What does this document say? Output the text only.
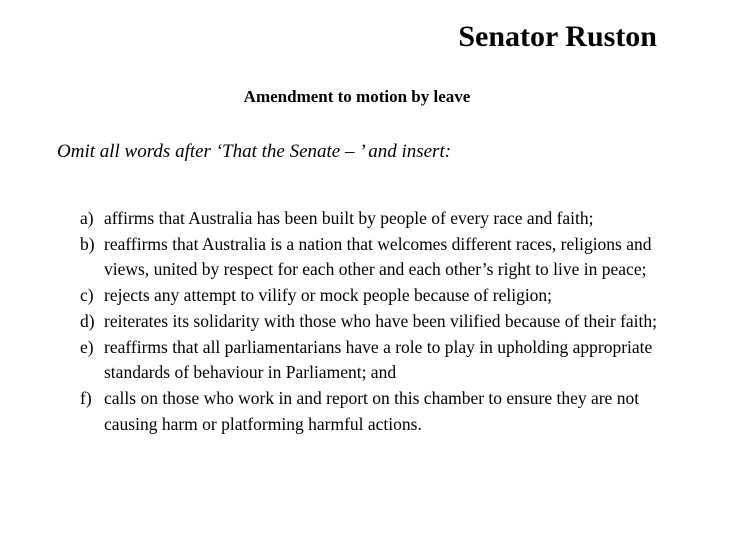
Senator Ruston
Amendment to motion by leave

Omit all words after ‘That the Senate – ’ and insert:

a) affirms that Australia has been built by people of every race and faith;
b) reaffirms that Australia is a nation that welcomes different races, religions and views, united by respect for each other and each other’s right to live in peace;
c) rejects any attempt to vilify or mock people because of religion;
d) reiterates its solidarity with those who have been vilified because of their faith;
e) reaffirms that all parliamentarians have a role to play in upholding appropriate standards of behaviour in Parliament; and
f) calls on those who work in and report on this chamber to ensure they are not causing harm or platforming harmful actions.
